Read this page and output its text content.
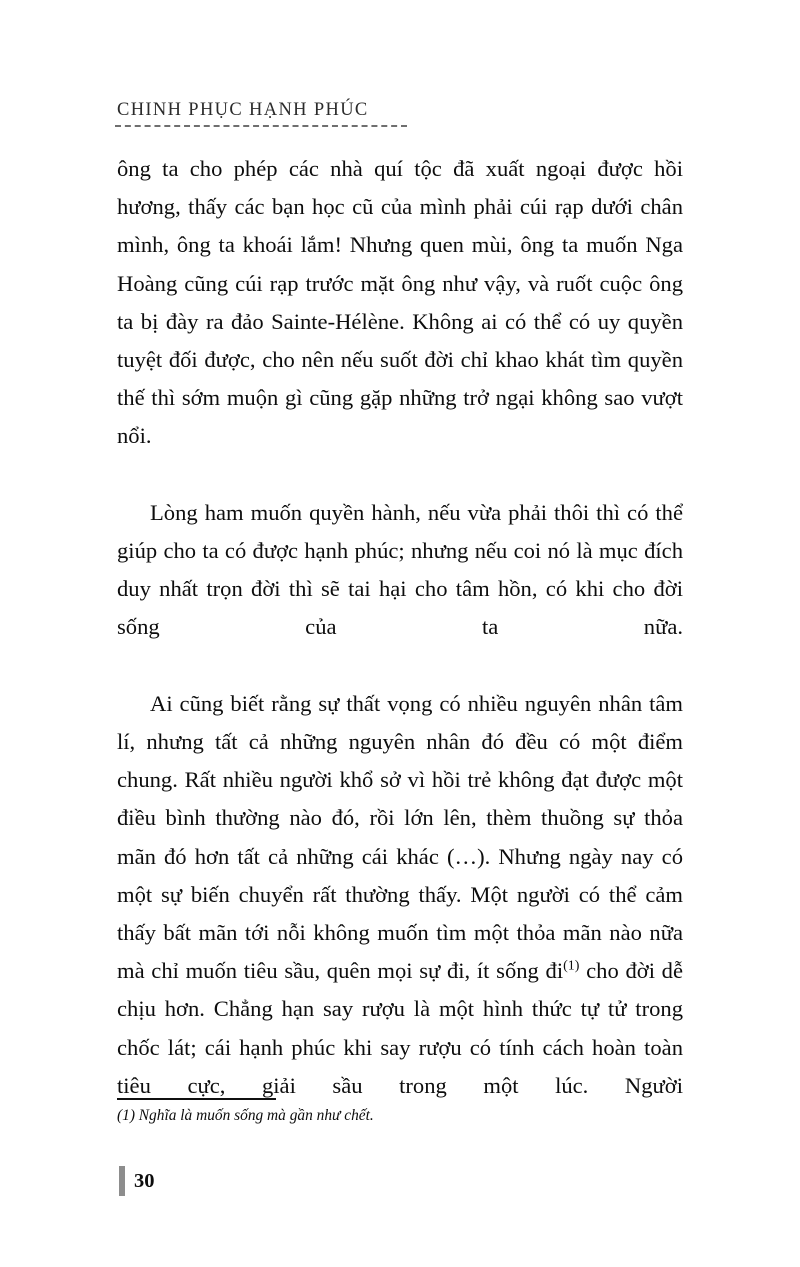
CHINH PHỤC HẠNH PHÚC

ông ta cho phép các nhà quí tộc đã xuất ngoại được hồi hương, thấy các bạn học cũ của mình phải cúi rạp dưới chân mình, ông ta khoái lắm! Nhưng quen mùi, ông ta muốn Nga Hoàng cũng cúi rạp trước mặt ông như vậy, và ruốt cuộc ông ta bị đày ra đảo Sainte-Hélène. Không ai có thể có uy quyền tuyệt đối được, cho nên nếu suốt đời chỉ khao khát tìm quyền thế thì sớm muộn gì cũng gặp những trở ngại không sao vượt nổi.

Lòng ham muốn quyền hành, nếu vừa phải thôi thì có thể giúp cho ta có được hạnh phúc; nhưng nếu coi nó là mục đích duy nhất trọn đời thì sẽ tai hại cho tâm hồn, có khi cho đời sống của ta nữa.

Ai cũng biết rằng sự thất vọng có nhiều nguyên nhân tâm lí, nhưng tất cả những nguyên nhân đó đều có một điểm chung. Rất nhiều người khổ sở vì hồi trẻ không đạt được một điều bình thường nào đó, rồi lớn lên, thèm thuồng sự thỏa mãn đó hơn tất cả những cái khác (…). Nhưng ngày nay có một sự biến chuyển rất thường thấy. Một người có thể cảm thấy bất mãn tới nỗi không muốn tìm một thỏa mãn nào nữa mà chỉ muốn tiêu sầu, quên mọi sự đi, ít sống đi$^{(1)}$ cho đời dễ chịu hơn. Chẳng hạn say rượu là một hình thức tự tử trong chốc lát; cái hạnh phúc khi say rượu có tính cách hoàn toàn tiêu cực, giải sầu trong một lúc. Người

(1) Nghĩa là muốn sống mà gần như chết.
30
